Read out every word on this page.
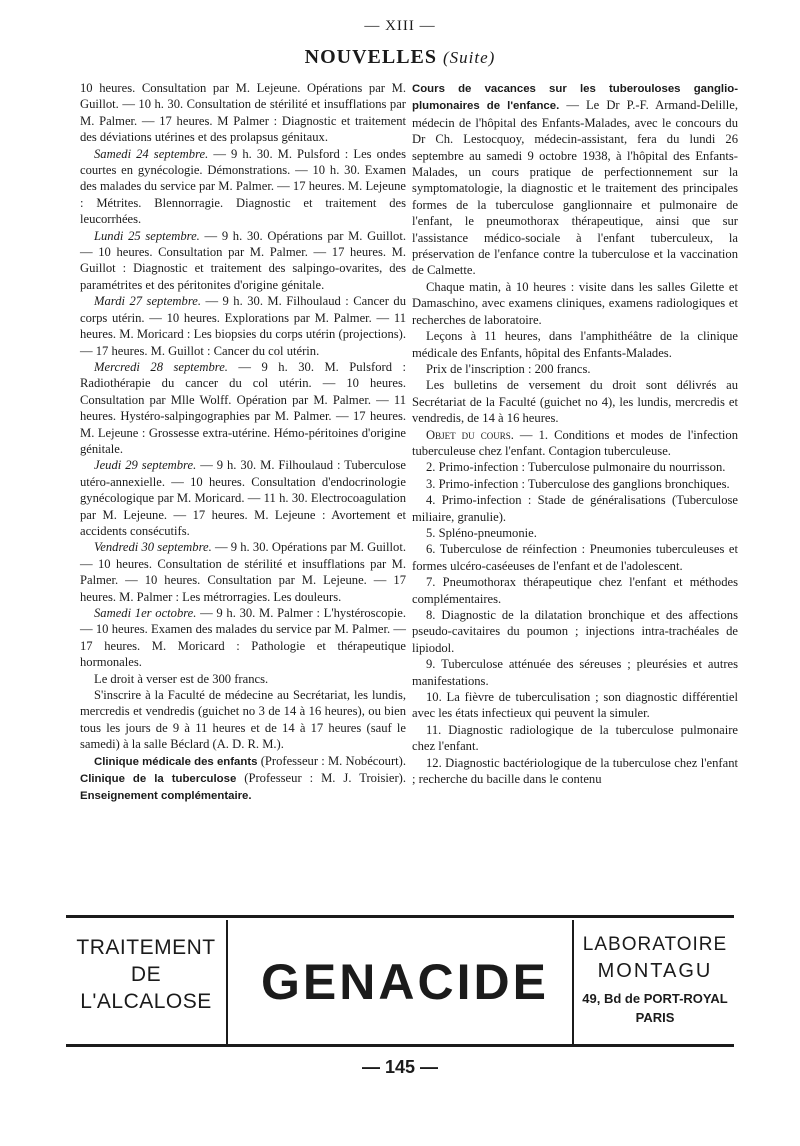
— XIII —
NOUVELLES (Suite)

10 heures. Consultation par M. Lejeune. Opérations par M. Guillot. — 10 h. 30. Consultation de stérilité et insufflations par M. Palmer. — 17 heures. M Palmer : Diagnostic et traitement des déviations utérines et des prolapsus génitaux.

Samedi 24 septembre. — 9 h. 30. M. Pulsford : Les ondes courtes en gynécologie. Démonstrations. — 10 h. 30. Examen des malades du service par M. Palmer. — 17 heures. M. Lejeune : Métrites. Blennorragie. Diagnostic et traitement des leucorrhées.

Lundi 25 septembre. — 9 h. 30. Opérations par M. Guillot. — 10 heures. Consultation par M. Palmer. — 17 heures. M. Guillot : Diagnostic et traitement des salpingo-ovarites, des paramétrites et des péritonites d'origine génitale.

Mardi 27 septembre. — 9 h. 30. M. Filhoulaud : Cancer du corps utérin. — 10 heures. Explorations par M. Palmer. — 11 heures. M. Moricard : Les biopsies du corps utérin (projections). — 17 heures. M. Guillot : Cancer du col utérin.

Mercredi 28 septembre. — 9 h. 30. M. Pulsford : Radiothérapie du cancer du col utérin. — 10 heures. Consultation par Mlle Wolff. Opération par M. Palmer. — 11 heures. Hystéro-salpingographies par M. Palmer. — 17 heures. M. Lejeune : Grossesse extra-utérine. Hémo-péritoines d'origine génitale.

Jeudi 29 septembre. — 9 h. 30. M. Filhoulaud : Tuberculose utéro-annexielle. — 10 heures. Consultation d'endocrinologie gynécologique par M. Moricard. — 11 h. 30. Electrocoagulation par M. Lejeune. — 17 heures. M. Lejeune : Avortement et accidents consécutifs.

Vendredi 30 septembre. — 9 h. 30. Opérations par M. Guillot. — 10 heures. Consultation de stérilité et insufflations par M. Palmer. — 10 heures. Consultation par M. Lejeune. — 17 heures. M. Palmer : Les métrorragies. Les douleurs.

Samedi 1er octobre. — 9 h. 30. M. Palmer : L'hystéroscopie. — 10 heures. Examen des malades du service par M. Palmer. — 17 heures. M. Moricard : Pathologie et thérapeutique hormonales.

Le droit à verser est de 300 francs.

S'inscrire à la Faculté de médecine au Secrétariat, les lundis, mercredis et vendredis (guichet no 3 de 14 à 16 heures), ou bien tous les jours de 9 à 11 heures et de 14 à 17 heures (sauf le samedi) à la salle Béclard (A. D. R. M.).

Clinique médicale des enfants (Professeur : M. Nobécourt). Clinique de la tuberculose (Professeur : M. J. Troisier). Enseignement complémentaire.

Cours de vacances sur les tuberouloses ganglio-plumonaires de l'enfance. — Le Dr P.-F. Armand-Delille, médecin de l'hôpital des Enfants-Malades, avec le concours du Dr Ch. Lestocquoy, médecin-assistant, fera du lundi 26 septembre au samedi 9 octobre 1938, à l'hôpital des Enfants-Malades, un cours pratique de perfectionnement sur la symptomatologie, la diagnostic et le traitement des principales formes de la tuberculose ganglionnaire et pulmonaire de l'enfant, le pneumothorax thérapeutique, ainsi que sur l'assistance médico-sociale à l'enfant tuberculeux, la préservation de l'enfance contre la tuberculose et la vaccination de Calmette.

Chaque matin, à 10 heures : visite dans les salles Gilette et Damaschino, avec examens cliniques, examens radiologiques et recherches de laboratoire.

Leçons à 11 heures, dans l'amphithéâtre de la clinique médicale des Enfants, hôpital des Enfants-Malades.

Prix de l'inscription : 200 francs.

Les bulletins de versement du droit sont délivrés au Secrétariat de la Faculté (guichet no 4), les lundis, mercredis et vendredis, de 14 à 16 heures.

Objet du cours. — 1. Conditions et modes de l'infection tuberculeuse chez l'enfant. Contagion tuberculeuse.

2. Primo-infection : Tuberculose pulmonaire du nourrisson.

3. Primo-infection : Tuberculose des ganglions bronchiques.

4. Primo-infection : Stade de généralisations (Tuberculose miliaire, granulie).

5. Spléno-pneumonie.

6. Tuberculose de réinfection : Pneumonies tuberculeuses et formes ulcéro-caséeuses de l'enfant et de l'adolescent.

7. Pneumothorax thérapeutique chez l'enfant et méthodes complémentaires.

8. Diagnostic de la dilatation bronchique et des affections pseudo-cavitaires du poumon ; injections intra-trachéales de lipiodol.

9. Tuberculose atténuée des séreuses ; pleurésies et autres manifestations.

10. La fièvre de tuberculisation ; son diagnostic différentiel avec les états infectieux qui peuvent la simuler.

11. Diagnostic radiologique de la tuberculose pulmonaire chez l'enfant.

12. Diagnostic bactériologique de la tuberculose chez l'enfant ; recherche du bacille dans le contenu

TRAITEMENT
DE
L'ALCALOSE GENACIDE
LABORATOIRE
MONTAGU
49, Bd de PORT-ROYAL
PARIS
— 145 —
